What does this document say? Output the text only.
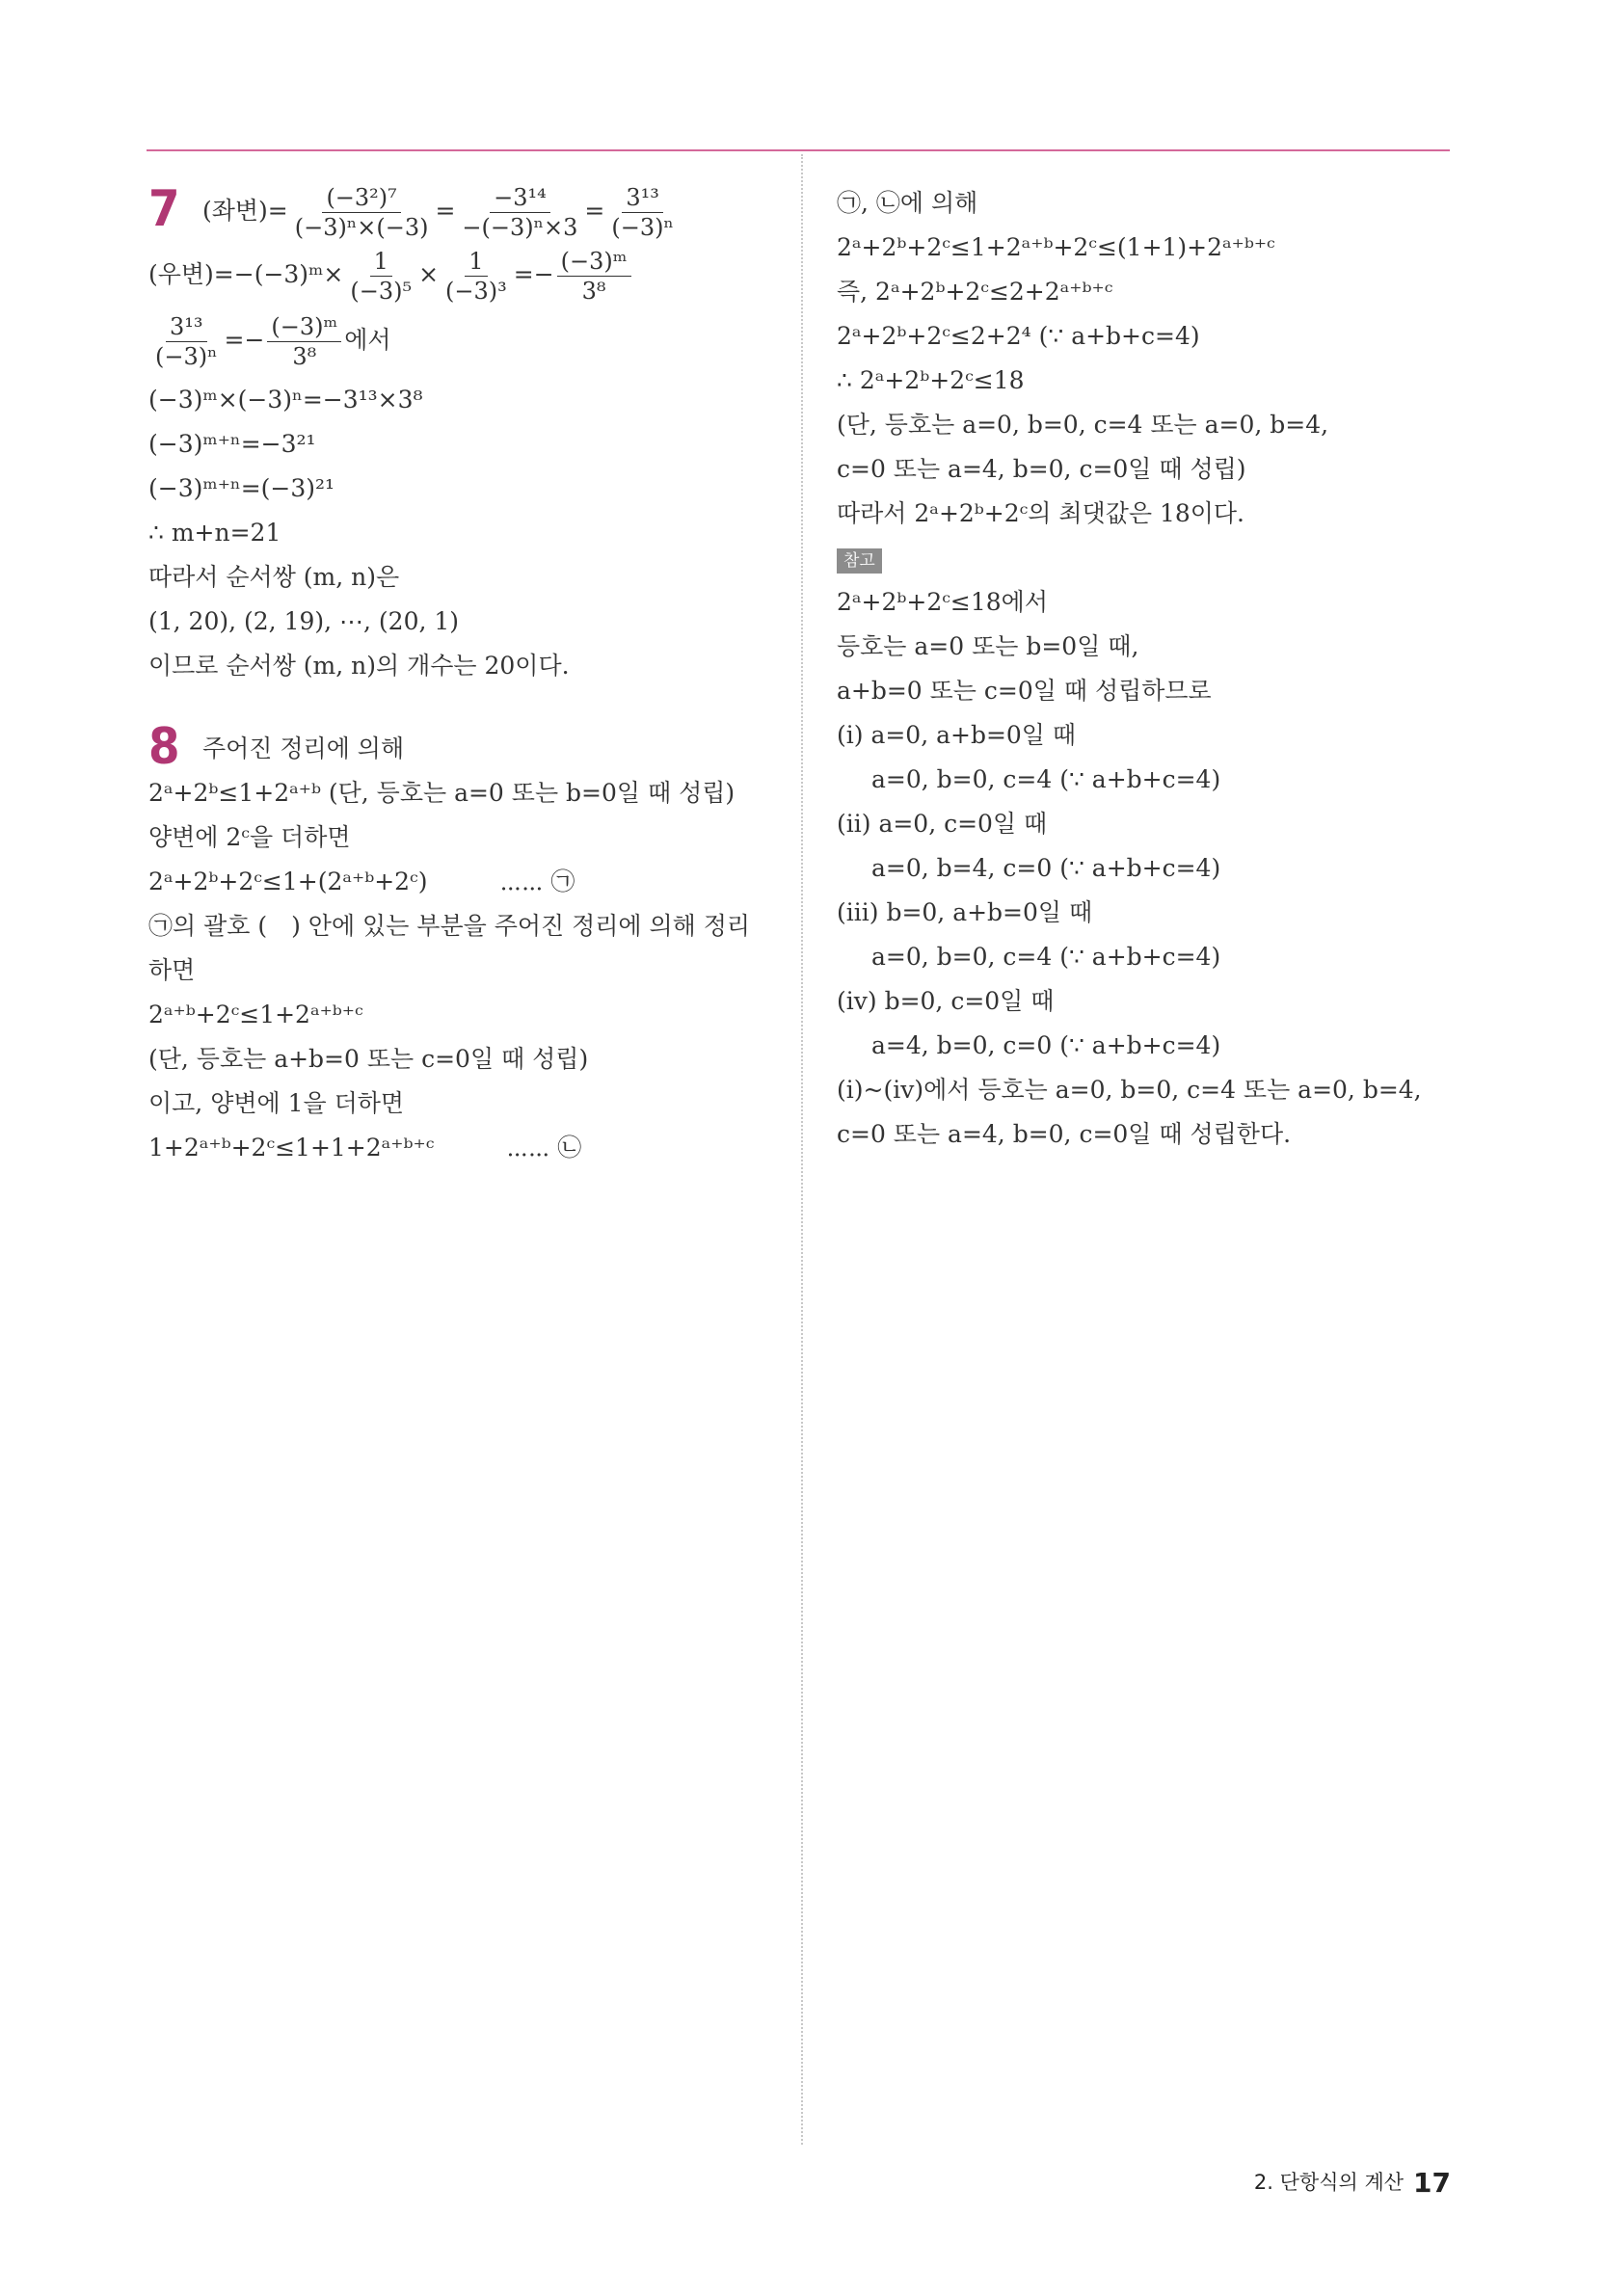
7 (좌변)= $\frac{\text{(−3²)⁷}}{\text{(−3)ⁿ×(−3)}} = \frac{\text{−3¹⁴}}{\text{−(−3)ⁿ×3}} = \frac{\text{3¹³}}{\text{(−3)ⁿ}}$
(우변)=−(−3)ᵐ× $\frac{1}{\text{(−3)⁵}} \times \frac{1}{\text{(−3)³}} =- \frac{\text{(−3)ᵐ}}{\text{3⁸}}$
$\frac{\text{3¹³}}{\text{(−3)ⁿ}} =- \frac{\text{(−3)ᵐ}}{\text{3⁸}}$ 에서
(−3)ᵐ×(−3)ⁿ=−3¹³×3⁸
(−3)ᵐ⁺ⁿ=−3²¹
(−3)ᵐ⁺ⁿ=(−3)²¹
∴ m+n=21
따라서 순서쌍 (m, n)은
(1, 20), (2, 19), ⋯, (20, 1)
이므로 순서쌍 (m, n)의 개수는 20이다.
8 주어진 정리에 의해
2ᵃ+2ᵇ≤1+2ᵃ⁺ᵇ (단, 등호는 a=0 또는 b=0일 때 성립)
양변에 2ᶜ을 더하면
2ᵃ+2ᵇ+2ᶜ≤1+(2ᵃ⁺ᵇ+2ᶜ)　　　⋯⋯ ㉠
㉠의 괄호 (　) 안에 있는 부분을 주어진 정리에 의해 정리
하면
2ᵃ⁺ᵇ+2ᶜ≤1+2ᵃ⁺ᵇ⁺ᶜ
(단, 등호는 a+b=0 또는 c=0일 때 성립)
이고, 양변에 1을 더하면
1+2ᵃ⁺ᵇ+2ᶜ≤1+1+2ᵃ⁺ᵇ⁺ᶜ　　　⋯⋯ ㉡
㉠, ㉡에 의해
2ᵃ+2ᵇ+2ᶜ≤1+2ᵃ⁺ᵇ+2ᶜ≤(1+1)+2ᵃ⁺ᵇ⁺ᶜ
즉, 2ᵃ+2ᵇ+2ᶜ≤2+2ᵃ⁺ᵇ⁺ᶜ
2ᵃ+2ᵇ+2ᶜ≤2+2⁴ (∵ a+b+c=4)
∴ 2ᵃ+2ᵇ+2ᶜ≤18
(단, 등호는 a=0, b=0, c=4 또는 a=0, b=4,
c=0 또는 a=4, b=0, c=0일 때 성립)
따라서 2ᵃ+2ᵇ+2ᶜ의 최댓값은 18이다.
참고
2ᵃ+2ᵇ+2ᶜ≤18에서
등호는 a=0 또는 b=0일 때,
a+b=0 또는 c=0일 때 성립하므로
(ⅰ) a=0, a+b=0일 때
a=0, b=0, c=4 (∵ a+b+c=4)
(ⅱ) a=0, c=0일 때
a=0, b=4, c=0 (∵ a+b+c=4)
(ⅲ) b=0, a+b=0일 때
a=0, b=0, c=4 (∵ a+b+c=4)
(ⅳ) b=0, c=0일 때
a=4, b=0, c=0 (∵ a+b+c=4)
(ⅰ)~(ⅳ)에서 등호는 a=0, b=0, c=4 또는 a=0, b=4,
c=0 또는 a=4, b=0, c=0일 때 성립한다.
2. 단항식의 계산 17
